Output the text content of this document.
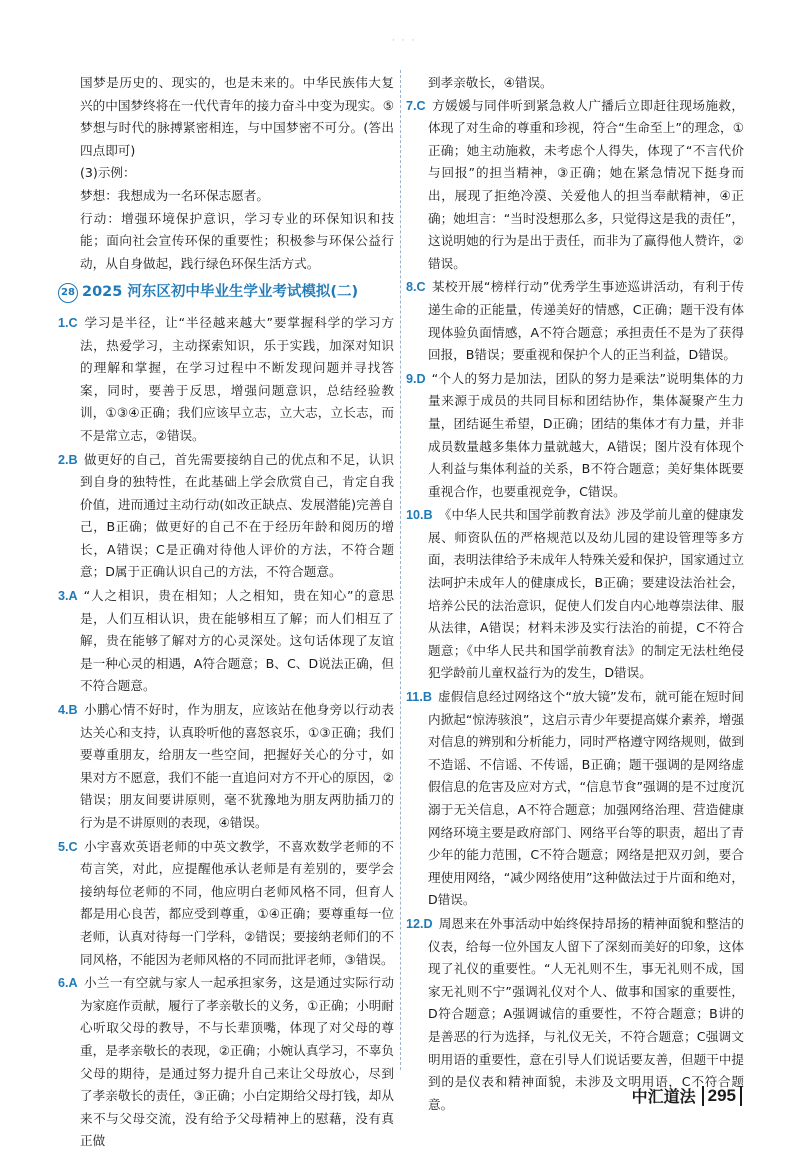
· · ·

国梦是历史的、现实的，也是未来的。中华民族伟大复兴的中国梦终将在一代代青年的接力奋斗中变为现实。⑤梦想与时代的脉搏紧密相连，与中国梦密不可分。(答出四点即可)

(3)示例：

梦想：我想成为一名环保志愿者。

行动：增强环境保护意识，学习专业的环保知识和技能；面向社会宣传环保的重要性；积极参与环保公益行动，从自身做起，践行绿色环保生活方式。

28 2025 河东区初中毕业生学业考试模拟(二)

1.C 学习是半径，让“半径越来越大”要掌握科学的学习方法，热爱学习，主动探索知识，乐于实践，加深对知识的理解和掌握，在学习过程中不断发现问题并寻找答案，同时，要善于反思，增强问题意识，总结经验教训，①③④正确；我们应该早立志，立大志，立长志，而不是常立志，②错误。

2.B 做更好的自己，首先需要接纳自己的优点和不足，认识到自身的独特性，在此基础上学会欣赏自己，肯定自我价值，进而通过主动行动(如改正缺点、发展潜能)完善自己，B正确；做更好的自己不在于经历年龄和阅历的增长，A错误；C是正确对待他人评价的方法，不符合题意；D属于正确认识自己的方法，不符合题意。

3.A “人之相识，贵在相知；人之相知，贵在知心”的意思是，人们互相认识，贵在能够相互了解；而人们相互了解，贵在能够了解对方的心灵深处。这句话体现了友谊是一种心灵的相遇，A符合题意；B、C、D说法正确，但不符合题意。

4.B 小鹏心情不好时，作为朋友，应该站在他身旁以行动表达关心和支持，认真聆听他的喜怒哀乐，①③正确；我们要尊重朋友，给朋友一些空间，把握好关心的分寸，如果对方不愿意，我们不能一直追问对方不开心的原因，②错误；朋友间要讲原则，毫不犹豫地为朋友两肋插刀的行为是不讲原则的表现，④错误。

5.C 小宇喜欢英语老师的中英文教学，不喜欢数学老师的不苟言笑，对此，应提醒他承认老师是有差别的，要学会接纳每位老师的不同，他应明白老师风格不同，但育人都是用心良苦，都应受到尊重，①④正确；要尊重每一位老师，认真对待每一门学科，②错误；要接纳老师们的不同风格，不能因为老师风格的不同而批评老师，③错误。

6.A 小兰一有空就与家人一起承担家务，这是通过实际行动为家庭作贡献，履行了孝亲敬长的义务，①正确；小明耐心听取父母的教导，不与长辈顶嘴，体现了对父母的尊重，是孝亲敬长的表现，②正确；小婉认真学习，不辜负父母的期待，是通过努力提升自己来让父母放心，尽到了孝亲敬长的责任，③正确；小白定期给父母打钱，却从来不与父母交流，没有给予父母精神上的慰藉，没有真正做

到孝亲敬长，④错误。

7.C 方媛媛与同伴听到紧急救人广播后立即赶往现场施救，体现了对生命的尊重和珍视，符合“生命至上”的理念，①正确；她主动施救，未考虑个人得失，体现了“不言代价与回报”的担当精神，③正确；她在紧急情况下挺身而出，展现了拒绝冷漠、关爱他人的担当奉献精神，④正确；她坦言：“当时没想那么多，只觉得这是我的责任”，这说明她的行为是出于责任，而非为了赢得他人赞许，②错误。

8.C 某校开展“榜样行动”优秀学生事迹巡讲活动，有利于传递生命的正能量，传递美好的情感，C正确；题干没有体现体验负面情感，A不符合题意；承担责任不是为了获得回报，B错误；要重视和保护个人的正当利益，D错误。

9.D “个人的努力是加法，团队的努力是乘法”说明集体的力量来源于成员的共同目标和团结协作，集体凝聚产生力量，团结诞生希望，D正确；团结的集体才有力量，并非成员数量越多集体力量就越大，A错误；图片没有体现个人利益与集体利益的关系，B不符合题意；美好集体既要重视合作，也要重视竞争，C错误。

10.B 《中华人民共和国学前教育法》涉及学前儿童的健康发展、师资队伍的严格规范以及幼儿园的建设管理等多方面，表明法律给予未成年人特殊关爱和保护，国家通过立法呵护未成年人的健康成长，B正确；要建设法治社会，培养公民的法治意识，促使人们发自内心地尊崇法律、服从法律，A错误；材料未涉及实行法治的前提，C不符合题意；《中华人民共和国学前教育法》的制定无法杜绝侵犯学龄前儿童权益行为的发生，D错误。

11.B 虚假信息经过网络这个“放大镜”发布，就可能在短时间内掀起“惊涛骇浪”，这启示青少年要提高媒介素养，增强对信息的辨别和分析能力，同时严格遵守网络规则，做到不造谣、不信谣、不传谣，B正确；题干强调的是网络虚假信息的危害及应对方式，“信息节食”强调的是不过度沉溺于无关信息，A不符合题意；加强网络治理、营造健康网络环境主要是政府部门、网络平台等的职责，超出了青少年的能力范围，C不符合题意；网络是把双刃剑，要合理使用网络，“减少网络使用”这种做法过于片面和绝对，D错误。

12.D 周恩来在外事活动中始终保持昂扬的精神面貌和整洁的仪表，给每一位外国友人留下了深刻而美好的印象，这体现了礼仪的重要性。“人无礼则不生，事无礼则不成，国家无礼则不宁”强调礼仪对个人、做事和国家的重要性，D符合题意；A强调诚信的重要性，不符合题意；B讲的是善恶的行为选择，与礼仪无关，不符合题意；C强调文明用语的重要性，意在引导人们说话要友善，但题干中提到的是仪表和精神面貌，未涉及文明用语，C不符合题意。	中汇道法 295
